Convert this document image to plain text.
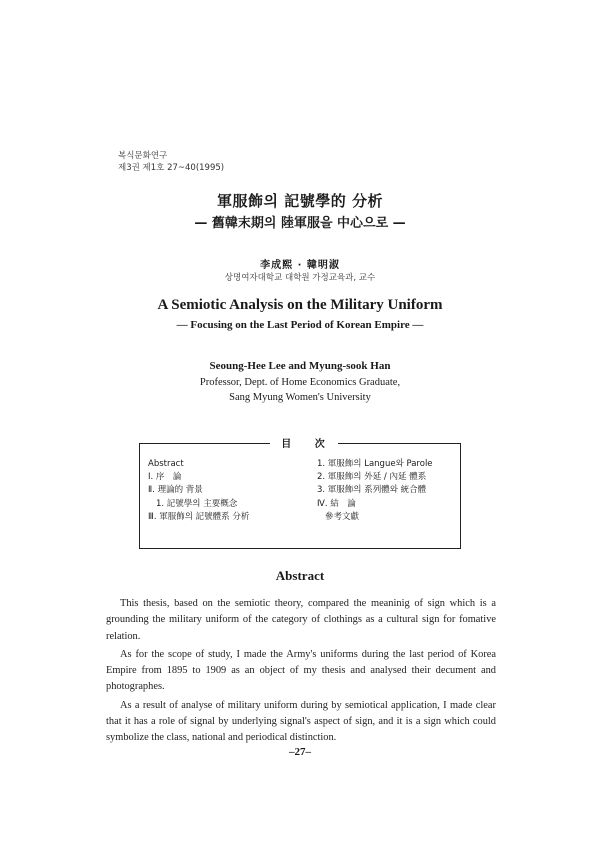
복식문화연구
제3권 제1호 27~40(1995)
軍服飾의 記號學的 分析
— 舊韓末期의 陸軍服을 中心으로 —
李成熙 · 韓明淑
상명여자대학교 대학원 가정교육과, 교수
A Semiotic Analysis on the Military Uniform
— Focusing on the Last Period of Korean Empire —
Seoung-Hee Lee and Myung-sook Han
Professor, Dept. of Home Economics Graduate,
Sang Myung Women's University
目 次
Abstract
Ⅰ. 序　論
Ⅱ. 理論的 背景
1. 記號學의 主要概念
Ⅲ. 軍服飾의 記號體系 分析
1. 軍服飾의 Langue와 Parole
2. 軍服飾의 外延 / 內延 體系
3. 軍服飾의 系列體와 統合體
Ⅳ. 結　論
參考文獻
Abstract

This thesis, based on the semiotic theory, compared the meaninig of sign which is a grounding the military uniform of the category of clothings as a cultural sign for fomative relation.

As for the scope of study, I made the Army's uniforms during the last period of Korea Empire from 1895 to 1909 as an object of my thesis and analysed their decument and photographes.

As a result of analyse of military uniform during by semiotical application, I made clear that it has a role of signal by underlying signal's aspect of sign, and it is a sign which could symbolize the class, national and periodical distinction.

–27–
